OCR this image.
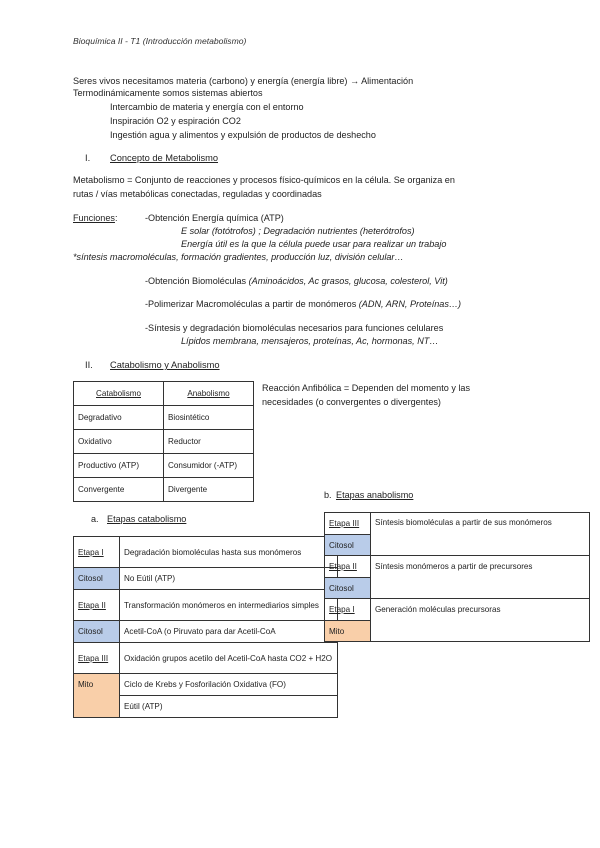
Bioquímica II - T1 (Introducción metabolismo)
Seres vivos necesitamos materia (carbono) y energía (energía libre) → Alimentación
Termodinámicamente somos sistemas abiertos
Intercambio de materia y energía con el entorno
Inspiración O2 y espiración CO2
Ingestión agua y alimentos y expulsión de productos de deshecho
I. Concepto de Metabolismo
Metabolismo = Conjunto de reacciones y procesos físico-químicos en la célula. Se organiza en
rutas / vías metabólicas conectadas, reguladas y coordinadas
Funciones:	-Obtención Energía química (ATP)
E solar (fotótrofos) ; Degradación nutrientes (heterótrofos)
Energía útil es la que la célula puede usar para realizar un trabajo
*síntesis macromoléculas, formación gradientes, producción luz, división celular…
-Obtención Biomoléculas (Aminoácidos, Ac grasos, glucosa, colesterol, Vit)
-Polimerizar Macromoléculas a partir de monómeros (ADN, ARN, Proteínas…)
-Síntesis y degradación biomoléculas necesarios para funciones celulares
Lípidos membrana, mensajeros, proteínas, Ac, hormonas, NT…
II. Catabolismo y Anabolismo
Catabolismo	Anabolismo
Degradativo	Biosintético
Oxidativo	Reductor
Productivo (ATP)	Consumidor (-ATP)
Convergente	Divergente
Reacción Anfibólica = Dependen del momento y las
necesidades (o convergentes o divergentes)
b. Etapas anabolismo
a. Etapas catabolismo
Etapa I	Degradación biomoléculas hasta sus monómeros
Citosol	No Eútil (ATP)
Etapa II	Transformación monómeros en intermediarios simples
Citosol	Acetil-CoA (o Piruvato para dar Acetil-CoA
Etapa III	Oxidación grupos acetilo del Acetil-CoA hasta CO2 + H2O
Mito	Ciclo de Krebs y Fosforilación Oxidativa (FO)
	Eútil (ATP)
Etapa III	Síntesis biomoléculas a partir de sus monómeros
Citosol	
Etapa II	Síntesis monómeros a partir de precursores
Citosol	
Etapa I	Generación moléculas precursoras
Mito	
